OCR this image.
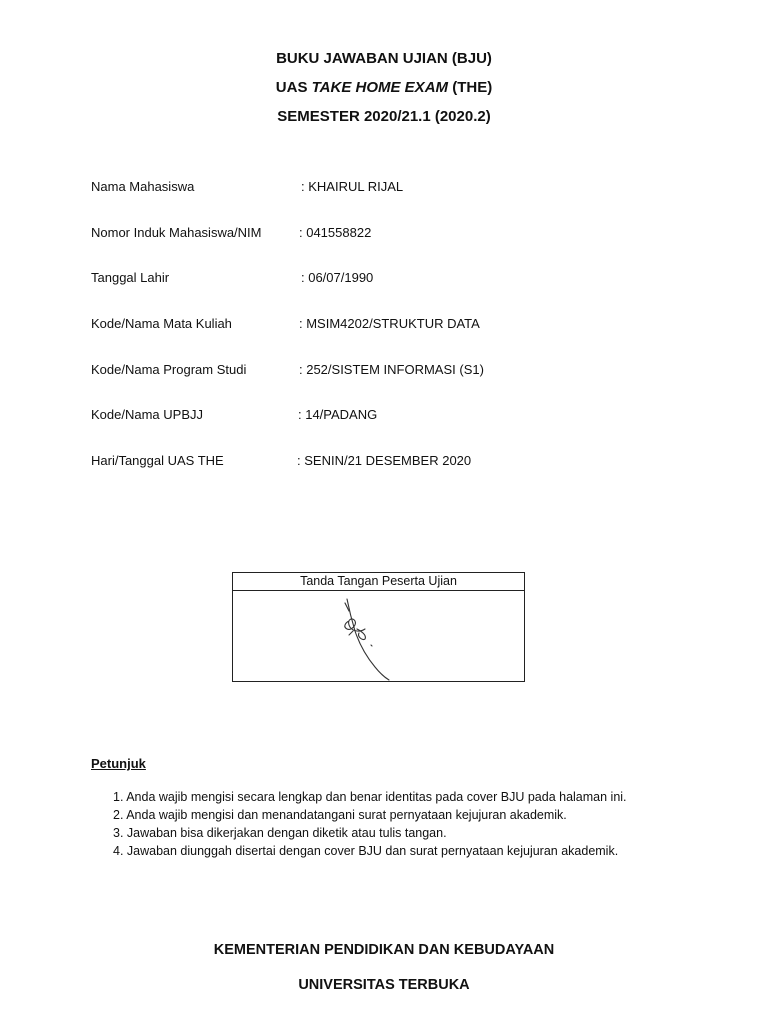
BUKU JAWABAN UJIAN (BJU)
UAS TAKE HOME EXAM (THE)
SEMESTER 2020/21.1 (2020.2)
Nama Mahasiswa	: KHAIRUL RIJAL
Nomor Induk Mahasiswa/NIM	: 041558822
Tanggal Lahir	: 06/07/1990
Kode/Nama Mata Kuliah	: MSIM4202/STRUKTUR DATA
Kode/Nama Program Studi	: 252/SISTEM INFORMASI (S1)
Kode/Nama UPBJJ	: 14/PADANG
Hari/Tanggal UAS THE	: SENIN/21 DESEMBER 2020
Tanda Tangan Peserta Ujian
Petunjuk
1. Anda wajib mengisi secara lengkap dan benar identitas pada cover BJU pada halaman ini.
2. Anda wajib mengisi dan menandatangani surat pernyataan kejujuran akademik.
3. Jawaban bisa dikerjakan dengan diketik atau tulis tangan.
4. Jawaban diunggah disertai dengan cover BJU dan surat pernyataan kejujuran akademik.
KEMENTERIAN PENDIDIKAN DAN KEBUDAYAAN
UNIVERSITAS TERBUKA
